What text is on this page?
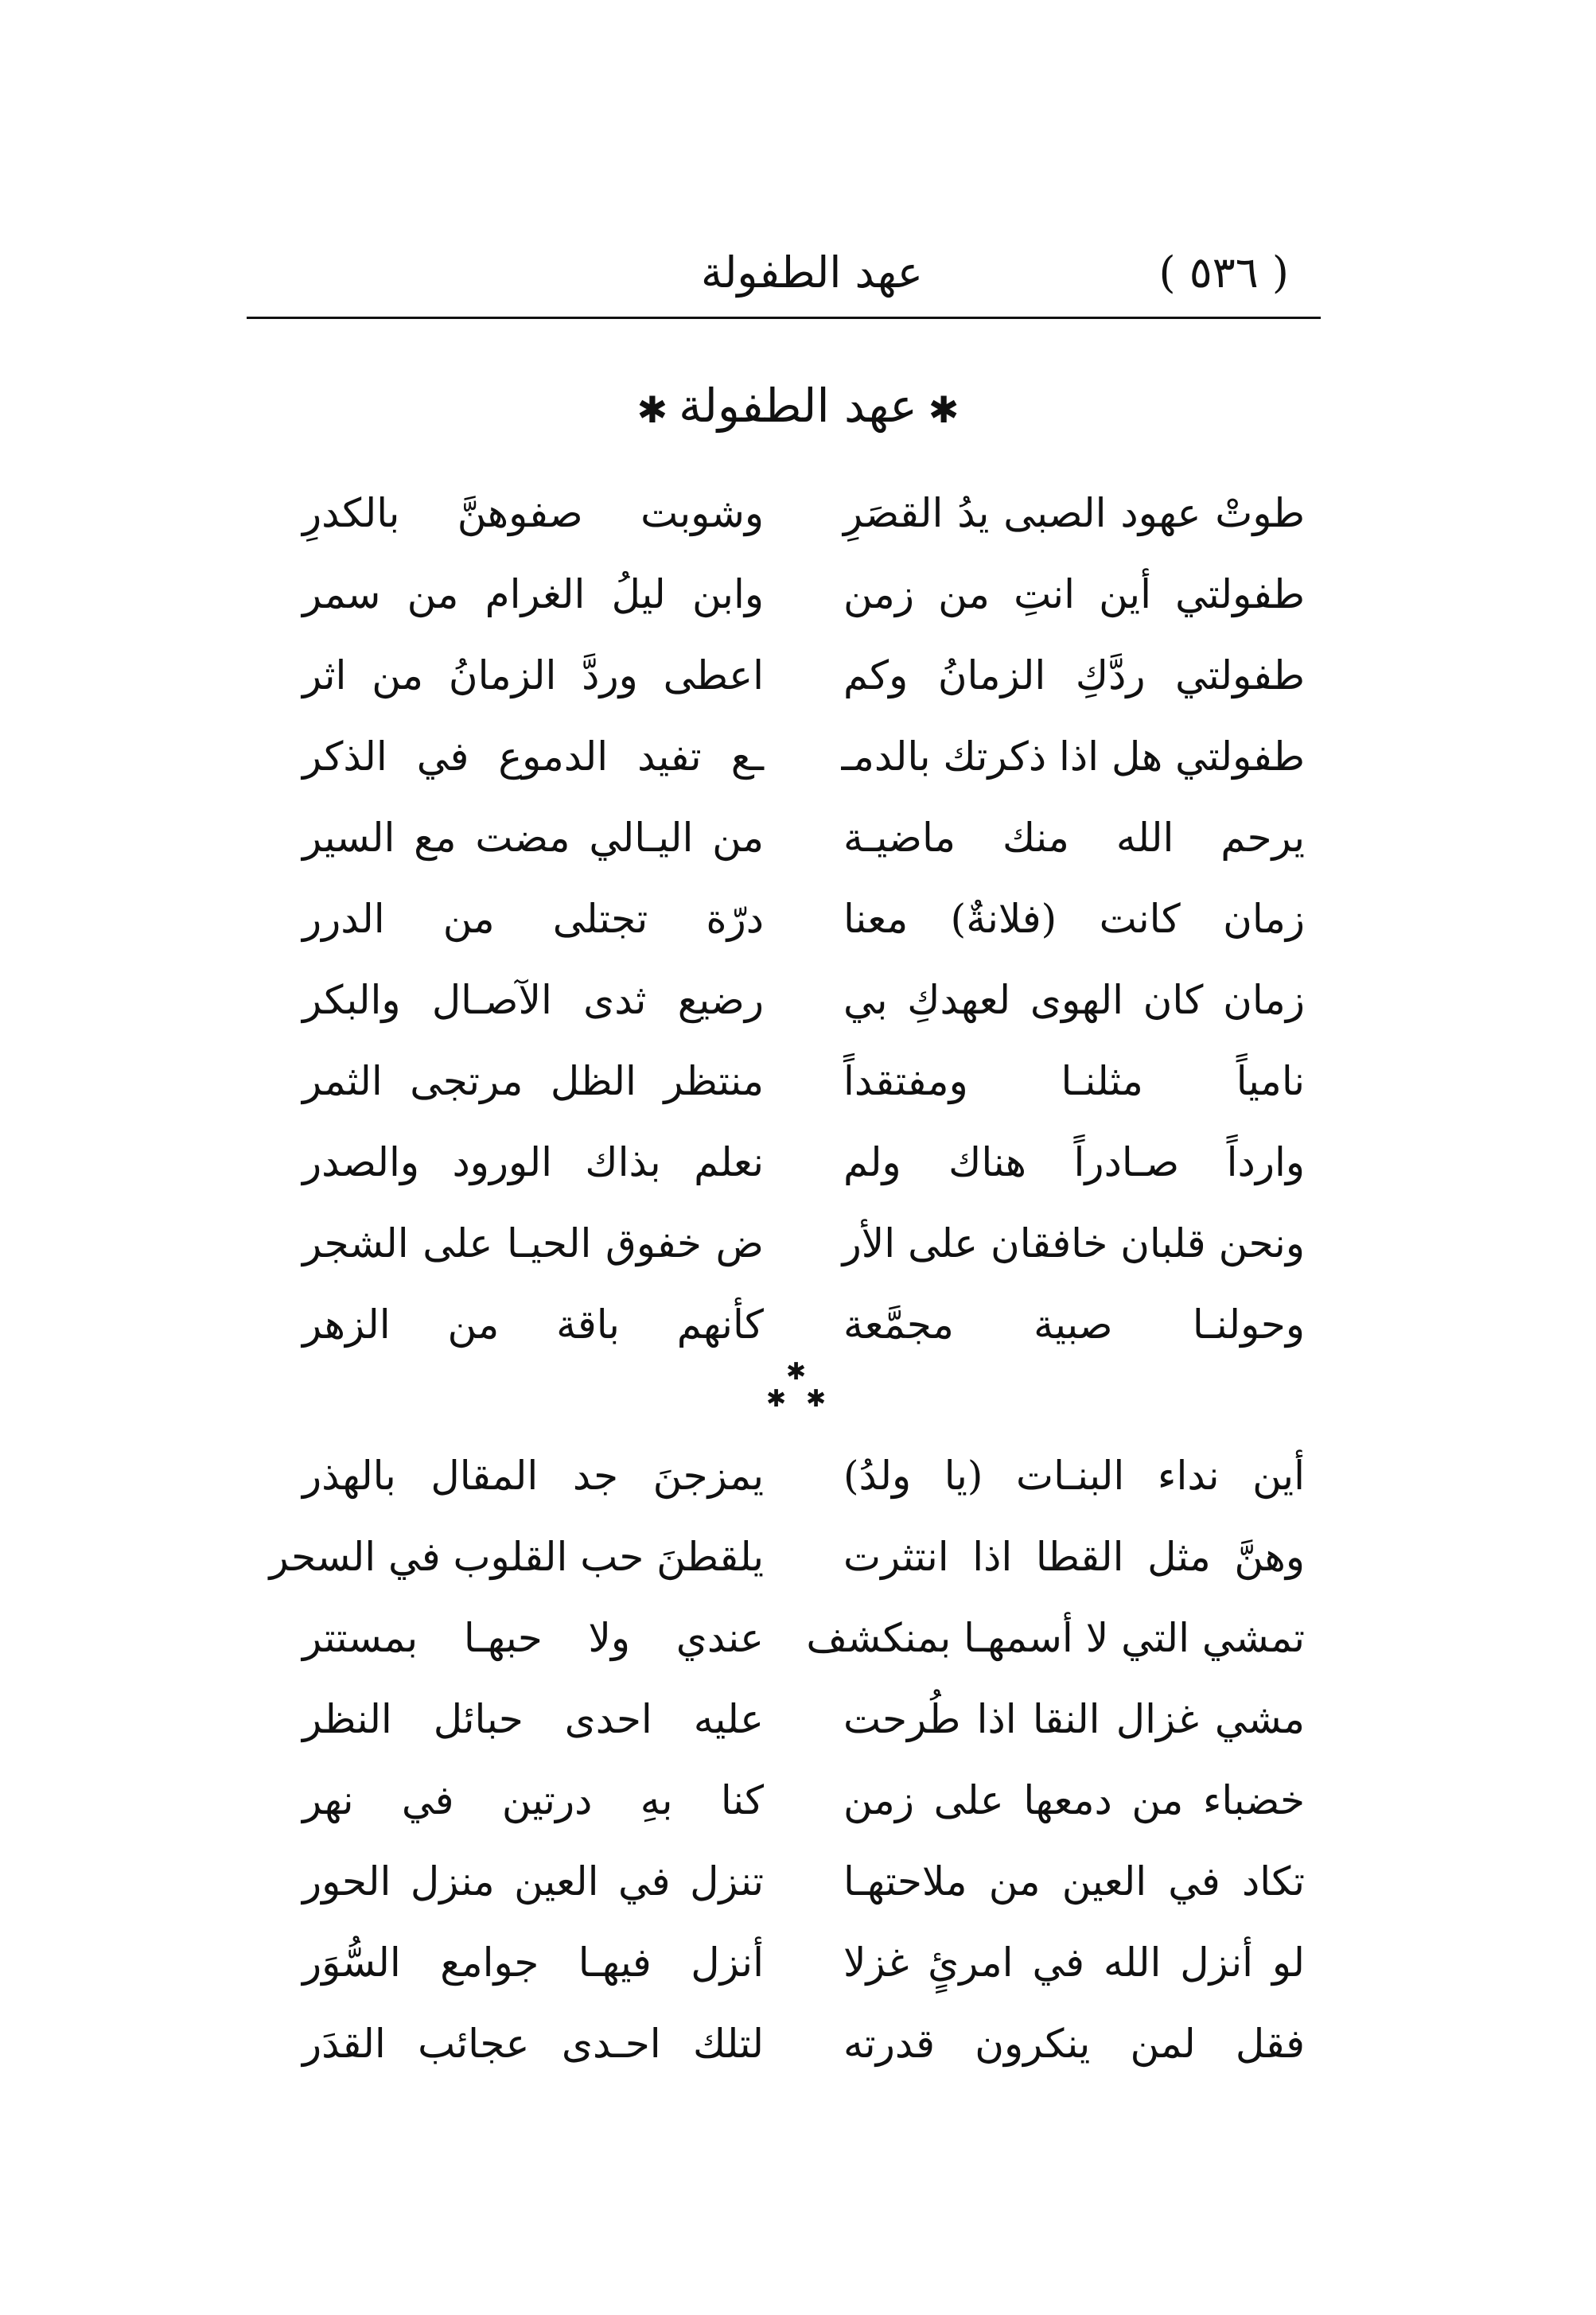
( ٥٣٦ )
عهد الطفولة
✱عهد الطفولة✱
طوتْ عهود الصبى يدُ القصَرِ
وشوبت صفوهنَّ بالكدرِ
طفولتي أين انتِ من زمن
وابن ليلُ الغرام من سمر
طفولتي ردَّكِ الزمانُ وكم
اعطى وردَّ الزمانُ من اثر
طفولتي هل اذا ذكرتك بالدمـ
ـع تفيد الدموع في الذكر
يرحم الله منك ماضيـة
من اليـالي مضت مع السير
زمان كانت (فلانةٌ) معنا
درّة تجتلى من الدرر
زمان كان الهوى لعهدكِ بي
رضيع ثدى الآصـال والبكر
نامياً مثلنـا ومفتقداً
منتظر الظل مرتجى الثمر
وارداً صـادراً هناك ولم
نعلم بذاك الورود والصدر
ونحن قلبان خافقان على الأر
ض خفوق الحيـا على الشجر
وحولنـا صبية مجمَّعة
كأنهم باقة من الزهر
✱
✱ ✱
أين نداء البنـات (يا ولدُ)
يمزجنَ جد المقال بالهذر
وهنَّ مثل القطا اذا انتثرت
يلقطنَ حب القلوب في السحر
تمشي التي لا أسمهـا بمنكشف
عندي ولا حبهـا بمستتر
مشي غزال النقا اذا طُرحت
عليه احدى حبائل النظر
خضباء من دمعها على زمن
كنا بهِ درتين في نهر
تكاد في العين من ملاحتهـا
تنزل في العين منزل الحور
لو أنزل الله في امرئٍ غزلا
أنزل فيهـا جوامع السُّوَر
فقل لمن ينكرون قدرته
لتلك احـدى عجائب القدَر
